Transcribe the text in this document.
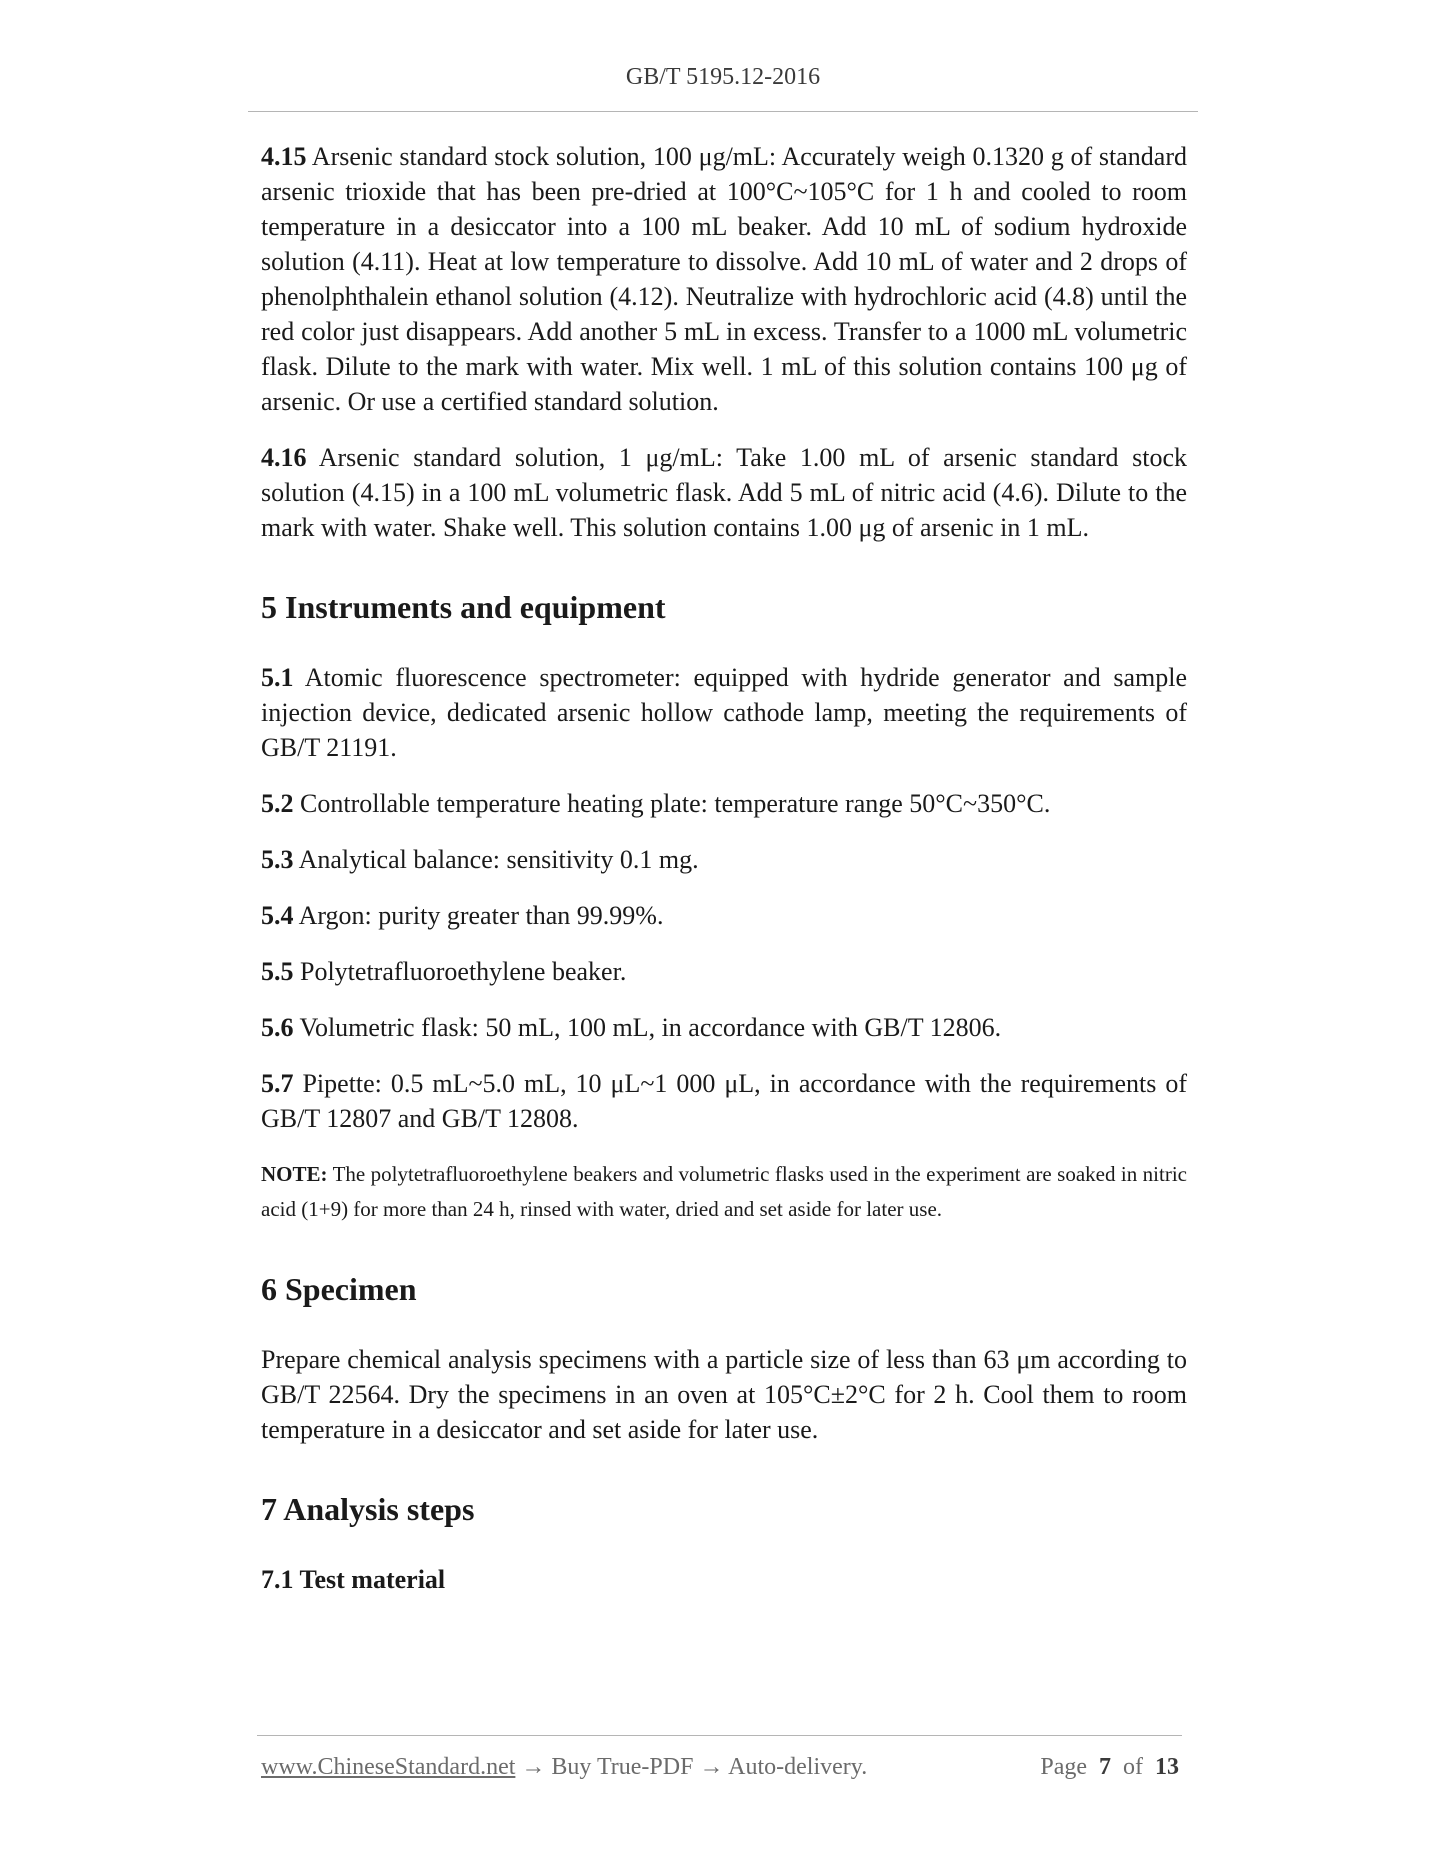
GB/T 5195.12-2016

4.15 Arsenic standard stock solution, 100 μg/mL: Accurately weigh 0.1320 g of standard arsenic trioxide that has been pre-dried at 100°C~105°C for 1 h and cooled to room temperature in a desiccator into a 100 mL beaker. Add 10 mL of sodium hydroxide solution (4.11). Heat at low temperature to dissolve. Add 10 mL of water and 2 drops of phenolphthalein ethanol solution (4.12). Neutralize with hydrochloric acid (4.8) until the red color just disappears. Add another 5 mL in excess. Transfer to a 1000 mL volumetric flask. Dilute to the mark with water. Mix well. 1 mL of this solution contains 100 μg of arsenic. Or use a certified standard solution.

4.16 Arsenic standard solution, 1 μg/mL: Take 1.00 mL of arsenic standard stock solution (4.15) in a 100 mL volumetric flask. Add 5 mL of nitric acid (4.6). Dilute to the mark with water. Shake well. This solution contains 1.00 μg of arsenic in 1 mL.

5 Instruments and equipment

5.1 Atomic fluorescence spectrometer: equipped with hydride generator and sample injection device, dedicated arsenic hollow cathode lamp, meeting the requirements of GB/T 21191.

5.2 Controllable temperature heating plate: temperature range 50°C~350°C.

5.3 Analytical balance: sensitivity 0.1 mg.

5.4 Argon: purity greater than 99.99%.

5.5 Polytetrafluoroethylene beaker.

5.6 Volumetric flask: 50 mL, 100 mL, in accordance with GB/T 12806.

5.7 Pipette: 0.5 mL~5.0 mL, 10 μL~1 000 μL, in accordance with the requirements of GB/T 12807 and GB/T 12808.

NOTE: The polytetrafluoroethylene beakers and volumetric flasks used in the experiment are soaked in nitric acid (1+9) for more than 24 h, rinsed with water, dried and set aside for later use.

6 Specimen

Prepare chemical analysis specimens with a particle size of less than 63 μm according to GB/T 22564. Dry the specimens in an oven at 105°C±2°C for 2 h. Cool them to room temperature in a desiccator and set aside for later use.

7 Analysis steps
7.1 Test material
www.ChineseStandard.net → Buy True-PDF → Auto-delivery.	Page 7 of 13
